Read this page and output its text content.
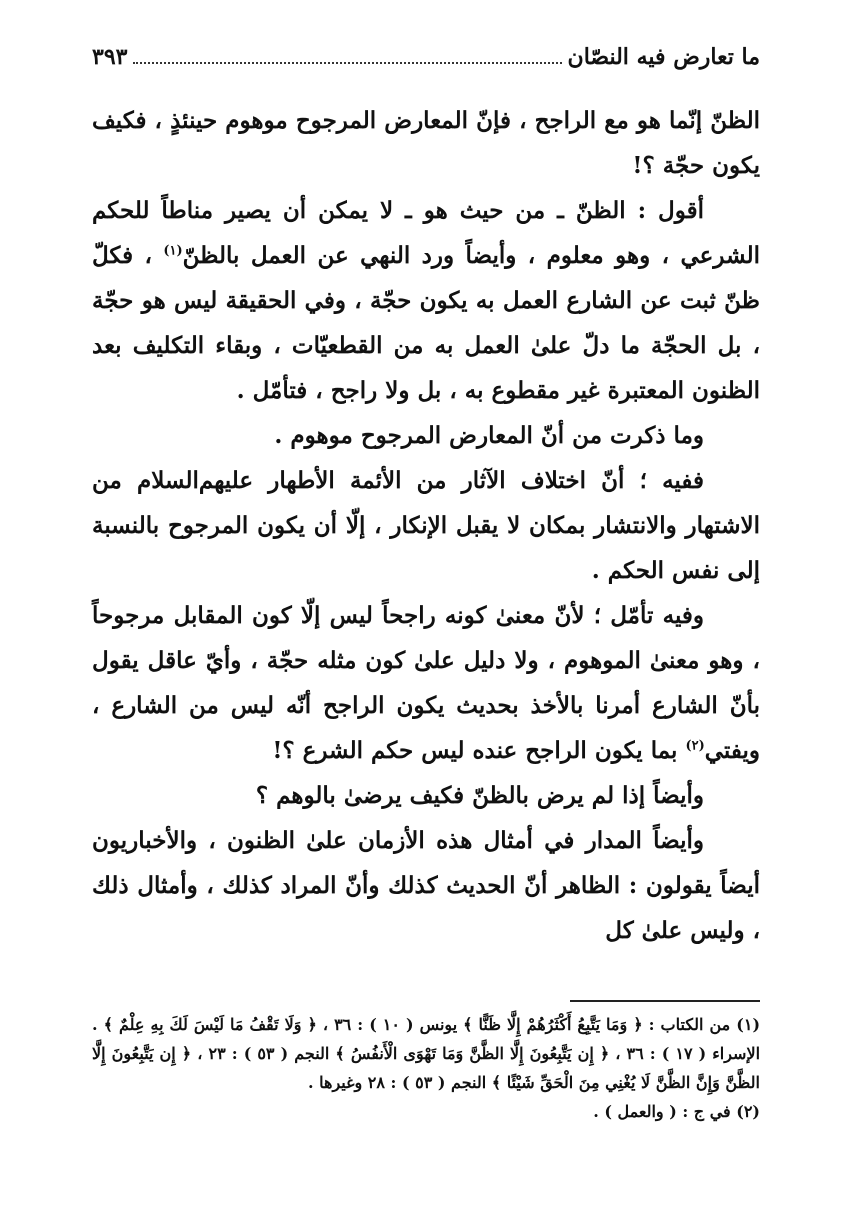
ما تعارض فيه النصّان
٣٩٣

الظنّ إنّما هو مع الراجح ، فإنّ المعارض المرجوح موهوم حينئذٍ ، فكيف يكون حجّة ؟!

أقول : الظنّ ـ من حيث هو ـ لا يمكن أن يصير مناطاً للحكم الشرعي ، وهو معلوم ، وأيضاً ورد النهي عن العمل بالظنّ$^{(١)}$ ، فكلّ ظنّ ثبت عن الشارع العمل به يكون حجّة ، وفي الحقيقة ليس هو حجّة ، بل الحجّة ما دلّ علىٰ العمل به من القطعيّات ، وبقاء التكليف بعد الظنون المعتبرة غير مقطوع به ، بل ولا راجح ، فتأمّل .

وما ذكرت من أنّ المعارض المرجوح موهوم .

ففيه ؛ أنّ اختلاف الآثار من الأئمة الأطهار عليهم‌السلام من الاشتهار والانتشار بمكان لا يقبل الإنكار ، إلّا أن يكون المرجوح بالنسبة إلى نفس الحكم .

وفيه تأمّل ؛ لأنّ معنىٰ كونه راجحاً ليس إلّا كون المقابل مرجوحاً ، وهو معنىٰ الموهوم ، ولا دليل علىٰ كون مثله حجّة ، وأيّ عاقل يقول بأنّ الشارع أمرنا بالأخذ بحديث يكون الراجح أنّه ليس من الشارع ، ويفتي$^{(٢)}$ بما يكون الراجح عنده ليس حكم الشرع ؟!

وأيضاً إذا لم يرض بالظنّ فكيف يرضىٰ بالوهم ؟

وأيضاً المدار في أمثال هذه الأزمان علىٰ الظنون ، والأخباريون أيضاً يقولون : الظاهر أنّ الحديث كذلك وأنّ المراد كذلك ، وأمثال ذلك ، وليس علىٰ كل

(١) من الكتاب : ﴿ وَمَا يَتَّبِعُ أَكْثَرُهُمْ إِلَّا ظَنًّا ﴾ يونس ( ١٠ ) : ٣٦ ، ﴿ وَلَا تَقْفُ مَا لَيْسَ لَكَ بِهِ عِلْمٌ ﴾ . الإسراء ( ١٧ ) : ٣٦ ، ﴿ إِن يَتَّبِعُونَ إِلَّا الظَّنَّ وَمَا تَهْوَى الْأَنفُسُ ﴾ النجم ( ٥٣ ) : ٢٣ ، ﴿ إِن يَتَّبِعُونَ إِلَّا الظَّنَّ وَإِنَّ الظَّنَّ لَا يُغْنِي مِنَ الْحَقِّ شَيْئًا ﴾ النجم ( ٥٣ ) : ٢٨ وغيرها .

(٢) في ج : ( والعمل ) .
